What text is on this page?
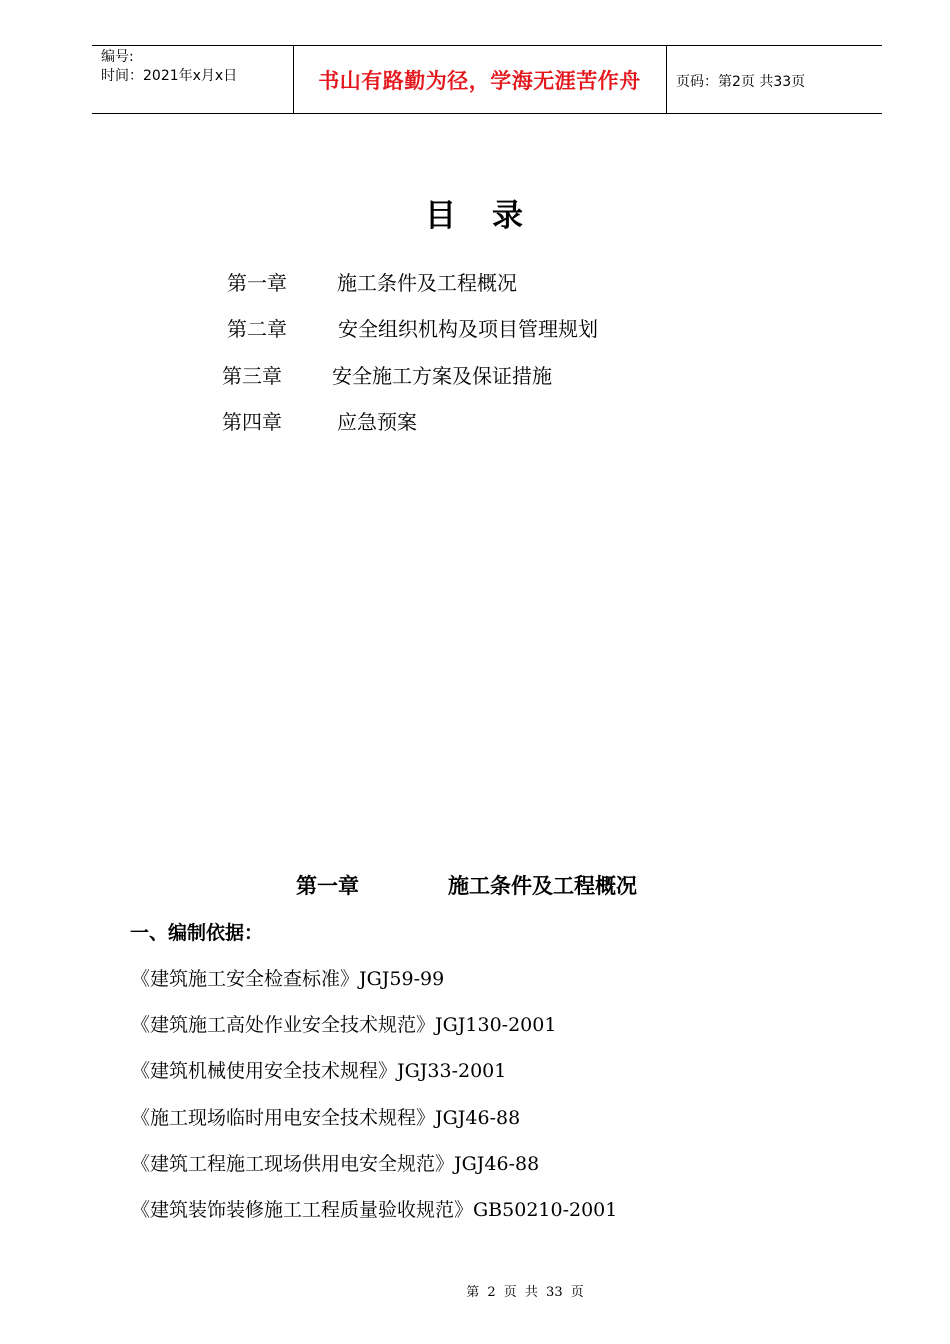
编号:
时间：2021年x月x日	书山有路勤为径，学海无涯苦作舟	页码：第2页 共33页
目 录
第一章	施工条件及工程概况
第二章	安全组织机构及项目管理规划
第三章	安全施工方案及保证措施
第四章	应急预案
第一章	施工条件及工程概况
一、编制依据：
《建筑施工安全检查标准》JGJ59-99
《建筑施工高处作业安全技术规范》JGJ130-2001
《建筑机械使用安全技术规程》JGJ33-2001
《施工现场临时用电安全技术规程》JGJ46-88
《建筑工程施工现场供用电安全规范》JGJ46-88
《建筑装饰装修施工工程质量验收规范》GB50210-2001
第 2 页 共 33 页
